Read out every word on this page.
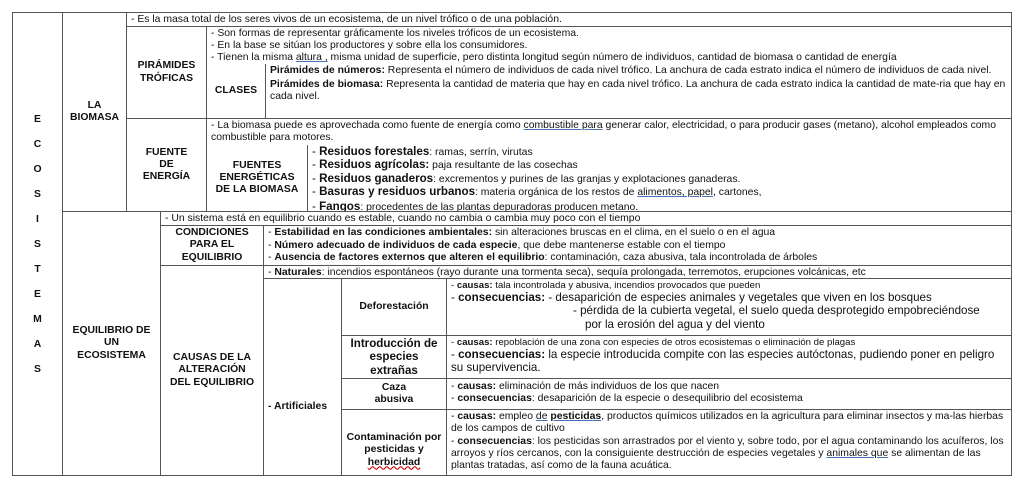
E
C
O
S
I
S
T
E
M
A
S
LA BIOMASA
- Es la masa total de los seres vivos de un ecosistema, de un nivel trófico o de una población.
PIRÁMIDES TRÓFICAS
- Son formas de representar gráficamente los niveles tróficos de un ecosistema.
- En la base se sitúan los productores y sobre ella los consumidores.
- Tienen la misma altura , misma unidad de superficie, pero distinta longitud según número de individuos, cantidad de biomasa o cantidad de energía
CLASES
Pirámides de números: Representa el número de individuos de cada nivel trófico. La anchura de cada estrato indica el número de individuos de cada nivel.
Pirámides de biomasa: Representa la cantidad de materia que hay en cada nivel trófico. La anchura de cada estrato indica la cantidad de mate-ria que hay en cada nivel.
FUENTE DE ENERGÍA
- La biomasa puede es aprovechada como fuente de energía como combustible para generar calor, electricidad, o para producir gases (metano), alcohol empleados como combustible para motores.
FUENTES ENERGÉTICAS DE LA BIOMASA
- Residuos forestales: ramas, serrín, virutas
- Residuos agrícolas: paja resultante de las cosechas
- Residuos ganaderos: excrementos y purines de las granjas y explotaciones ganaderas.
- Basuras y residuos urbanos: materia orgánica de los restos de alimentos, papel, cartones,
- Fangos: procedentes de las plantas depuradoras producen metano.
EQUILIBRIO DE UN ECOSISTEMA
- Un sistema está en equilibrio cuando es estable, cuando no cambia o cambia muy poco con el tiempo
CONDICIONES PARA EL EQUILIBRIO
- Estabilidad en las condiciones ambientales: sin alteraciones bruscas en el clima, en el suelo o en el agua
- Número adecuado de individuos de cada especie, que debe mantenerse estable con el tiempo
- Ausencia de factores externos que alteren el equilibrio: contaminación, caza abusiva, tala incontrolada de árboles
CAUSAS DE LA ALTERACIÓN DEL EQUILIBRIO
- Naturales: incendios espontáneos (rayo durante una tormenta seca), sequía prolongada, terremotos, erupciones volcánicas, etc
- Artificiales
Deforestación
- causas: tala incontrolada y abusiva, incendios provocados que pueden
- consecuencias: - desaparición de especies animales y vegetales que viven en los bosques
- pérdida de la cubierta vegetal, el suelo queda desprotegido empobreciéndose
por la erosión del agua y del viento
Introducción de especies extrañas
- causas: repoblación de una zona con especies de otros ecosistemas o eliminación de plagas
- consecuencias: la especie introducida compite con las especies autóctonas, pudiendo poner en peligro su supervivencia.
Caza abusiva
- causas: eliminación de más individuos de los que nacen
- consecuencias: desaparición de la especie o desequilibrio del ecosistema
Contaminación por pesticidas y herbicidad
- causas: empleo de pesticidas, productos químicos utilizados en la agricultura para eliminar insectos y ma-las hierbas de los campos de cultivo
- consecuencias: los pesticidas son arrastrados por el viento y, sobre todo, por el agua contaminando los acuíferos, los arroyos y ríos cercanos, con la consiguiente destrucción de especies vegetales y animales que se alimentan de las plantas tratadas, así como de la fauna acuática.
